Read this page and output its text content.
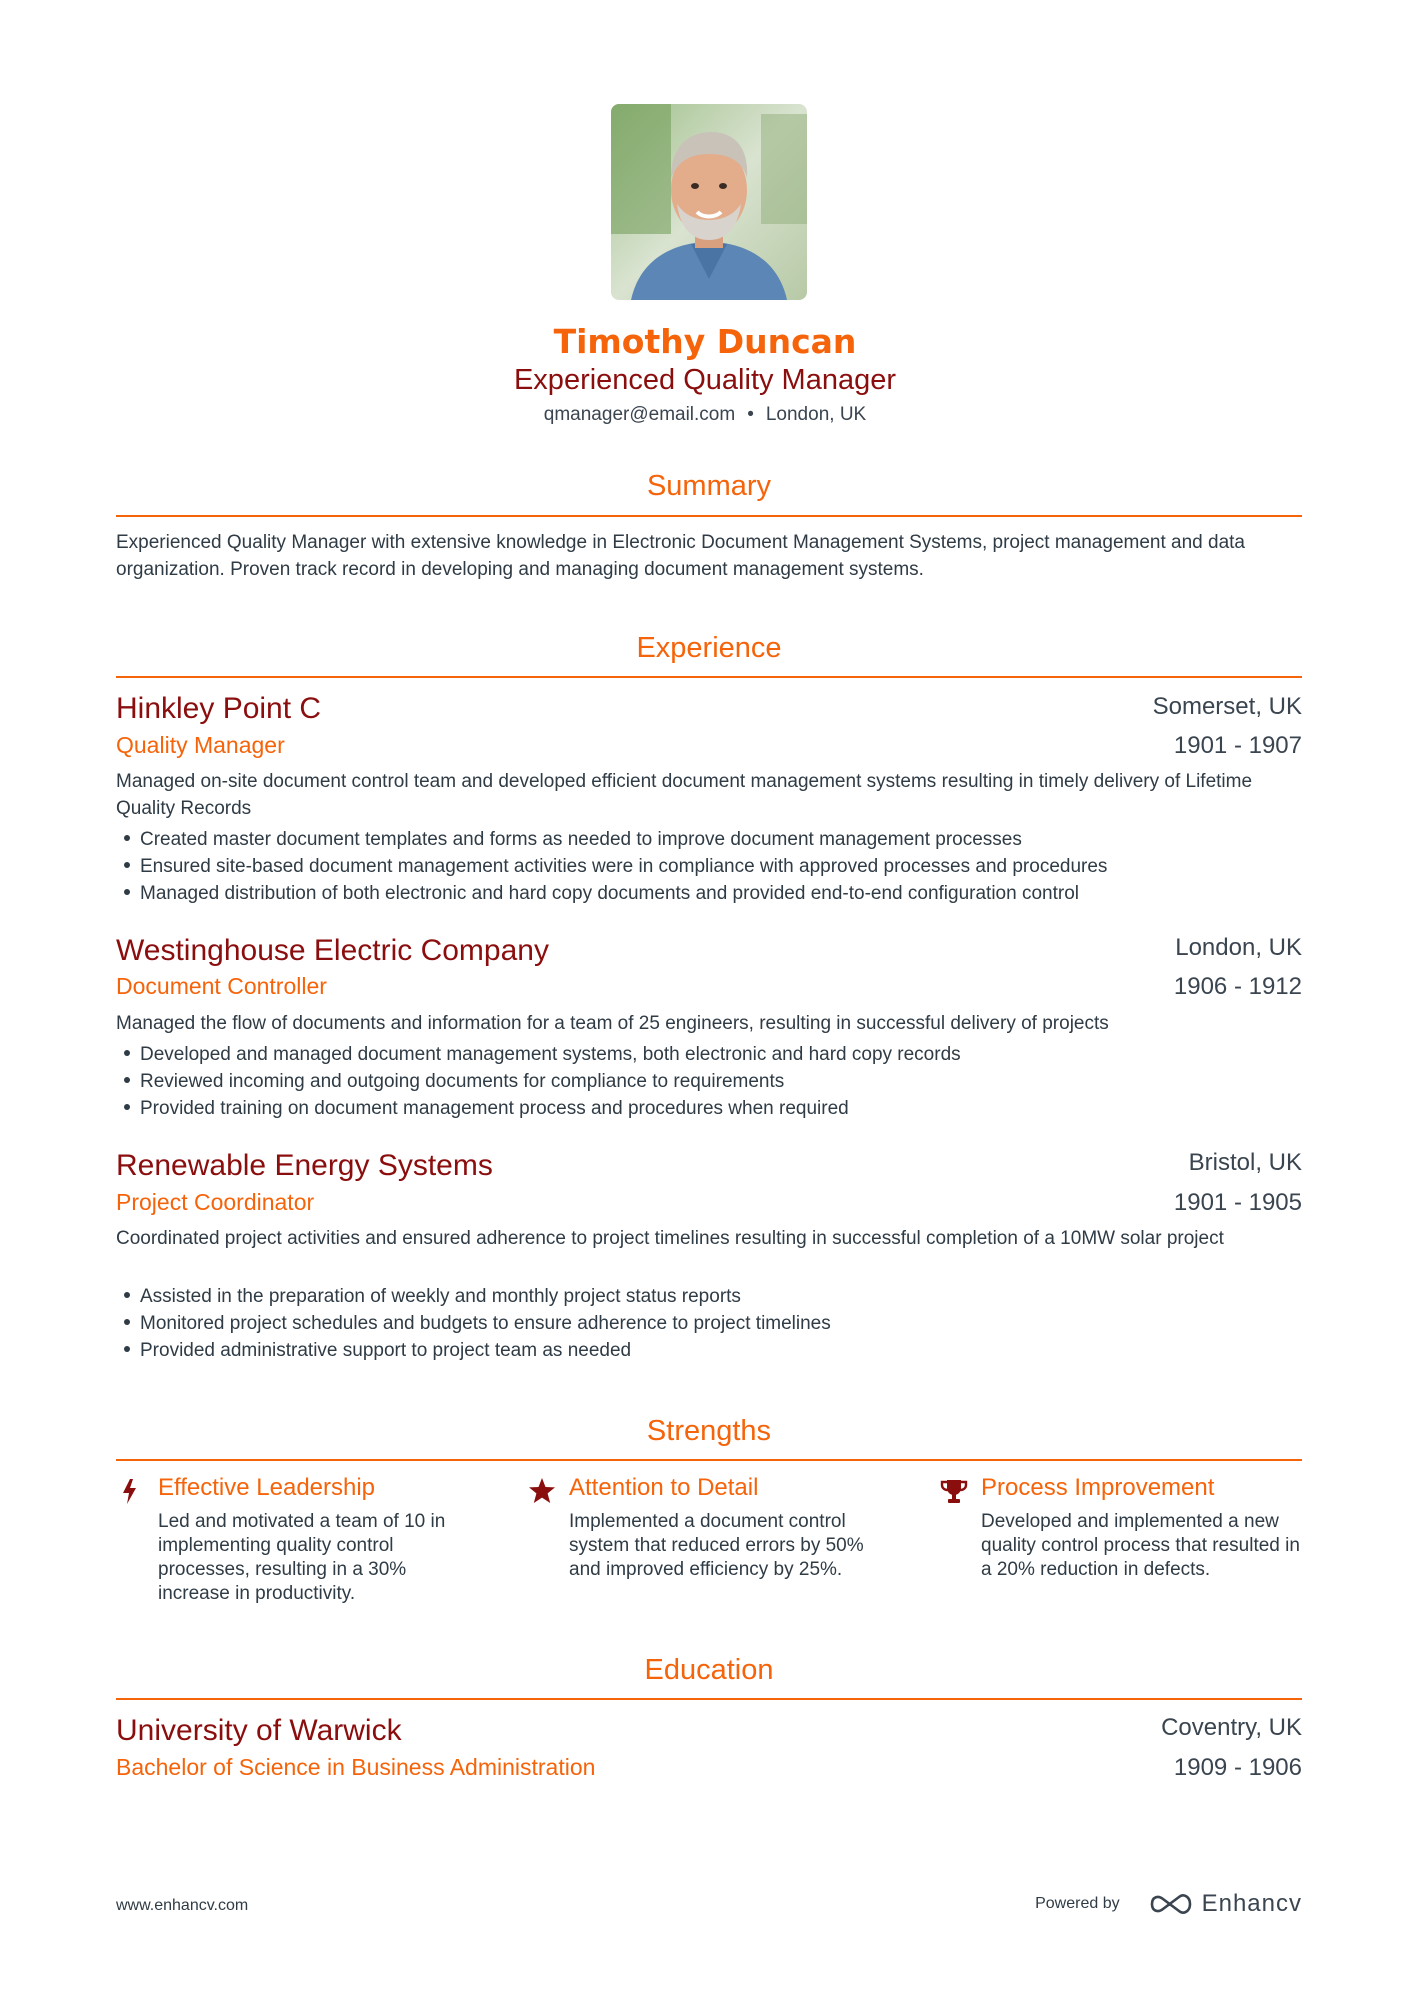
Timothy Duncan
Experienced Quality Manager
qmanager@email.com • London, UK
Summary
Experienced Quality Manager with extensive knowledge in Electronic Document Management Systems, project management and data organization. Proven track record in developing and managing document management systems.
Experience
Hinkley Point C	Somerset, UK
Quality Manager	1901 - 1907
Managed on-site document control team and developed efficient document management systems resulting in timely delivery of Lifetime Quality Records
Created master document templates and forms as needed to improve document management processes
Ensured site-based document management activities were in compliance with approved processes and procedures
Managed distribution of both electronic and hard copy documents and provided end-to-end configuration control
Westinghouse Electric Company	London, UK
Document Controller	1906 - 1912
Managed the flow of documents and information for a team of 25 engineers, resulting in successful delivery of projects
Developed and managed document management systems, both electronic and hard copy records
Reviewed incoming and outgoing documents for compliance to requirements
Provided training on document management process and procedures when required
Renewable Energy Systems	Bristol, UK
Project Coordinator	1901 - 1905
Coordinated project activities and ensured adherence to project timelines resulting in successful completion of a 10MW solar project
Assisted in the preparation of weekly and monthly project status reports
Monitored project schedules and budgets to ensure adherence to project timelines
Provided administrative support to project team as needed
Strengths
Effective Leadership
Led and motivated a team of 10 in implementing quality control processes, resulting in a 30% increase in productivity.
Attention to Detail
Implemented a document control system that reduced errors by 50% and improved efficiency by 25%.
Process Improvement
Developed and implemented a new quality control process that resulted in a 20% reduction in defects.
Education
University of Warwick	Coventry, UK
Bachelor of Science in Business Administration	1909 - 1906
www.enhancv.com	Powered by	Enhancv
